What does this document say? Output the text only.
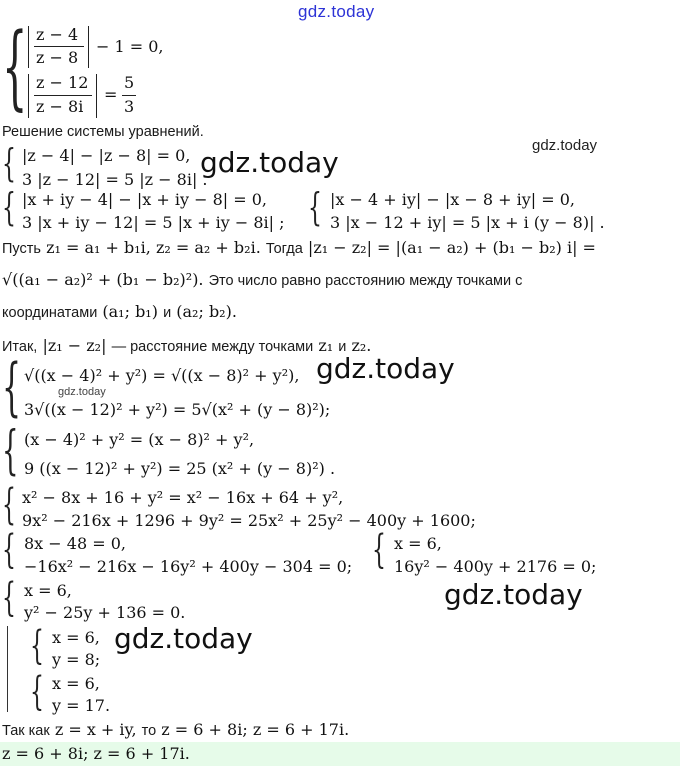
gdz.today
{ z − 4
z − 8
− 1 = 0,
z − 12
z − 8i
=
5
3
Решение системы уравнений.
gdz.today
{ |z − 4| − |z − 8| = 0,
3 |z − 12| = 5 |z − 8i| .
gdz.today
{ |x + iy − 4| − |x + iy − 8| = 0,
3 |x + iy − 12| = 5 |x + iy − 8i| ; { |x − 4 + iy| − |x − 8 + iy| = 0,
3 |x − 12 + iy| = 5 |x + i (y − 8)| .
Пусть z₁ = a₁ + b₁i, z₂ = a₂ + b₂i. Тогда |z₁ − z₂| = |(a₁ − a₂) + (b₁ − b₂) i| =
√((a₁ − a₂)² + (b₁ − b₂)²). Это число равно расстоянию между точками с
координатами (a₁; b₁) и (a₂; b₂).
Итак, |z₁ − z₂| — расстояние между точками z₁ и z₂.
{ √((x − 4)² + y²) = √((x − 8)² + y²),
3√((x − 12)² + y²) = 5√(x² + (y − 8)²);
gdz.today
gdz.today
{ (x − 4)² + y² = (x − 8)² + y²,
9 ((x − 12)² + y²) = 25 (x² + (y − 8)²) .
{ x² − 8x + 16 + y² = x² − 16x + 64 + y²,
9x² − 216x + 1296 + 9y² = 25x² + 25y² − 400y + 1600;
{ 8x − 48 = 0,
−16x² − 216x − 16y² + 400y − 304 = 0; { x = 6,
16y² − 400y + 2176 = 0;
{ x = 6,
y² − 25y + 136 = 0.
gdz.today
{ x = 6,
y = 8;
{ x = 6,
y = 17.
gdz.today
Так как z = x + iy, то z = 6 + 8i; z = 6 + 17i.
z = 6 + 8i; z = 6 + 17i.
